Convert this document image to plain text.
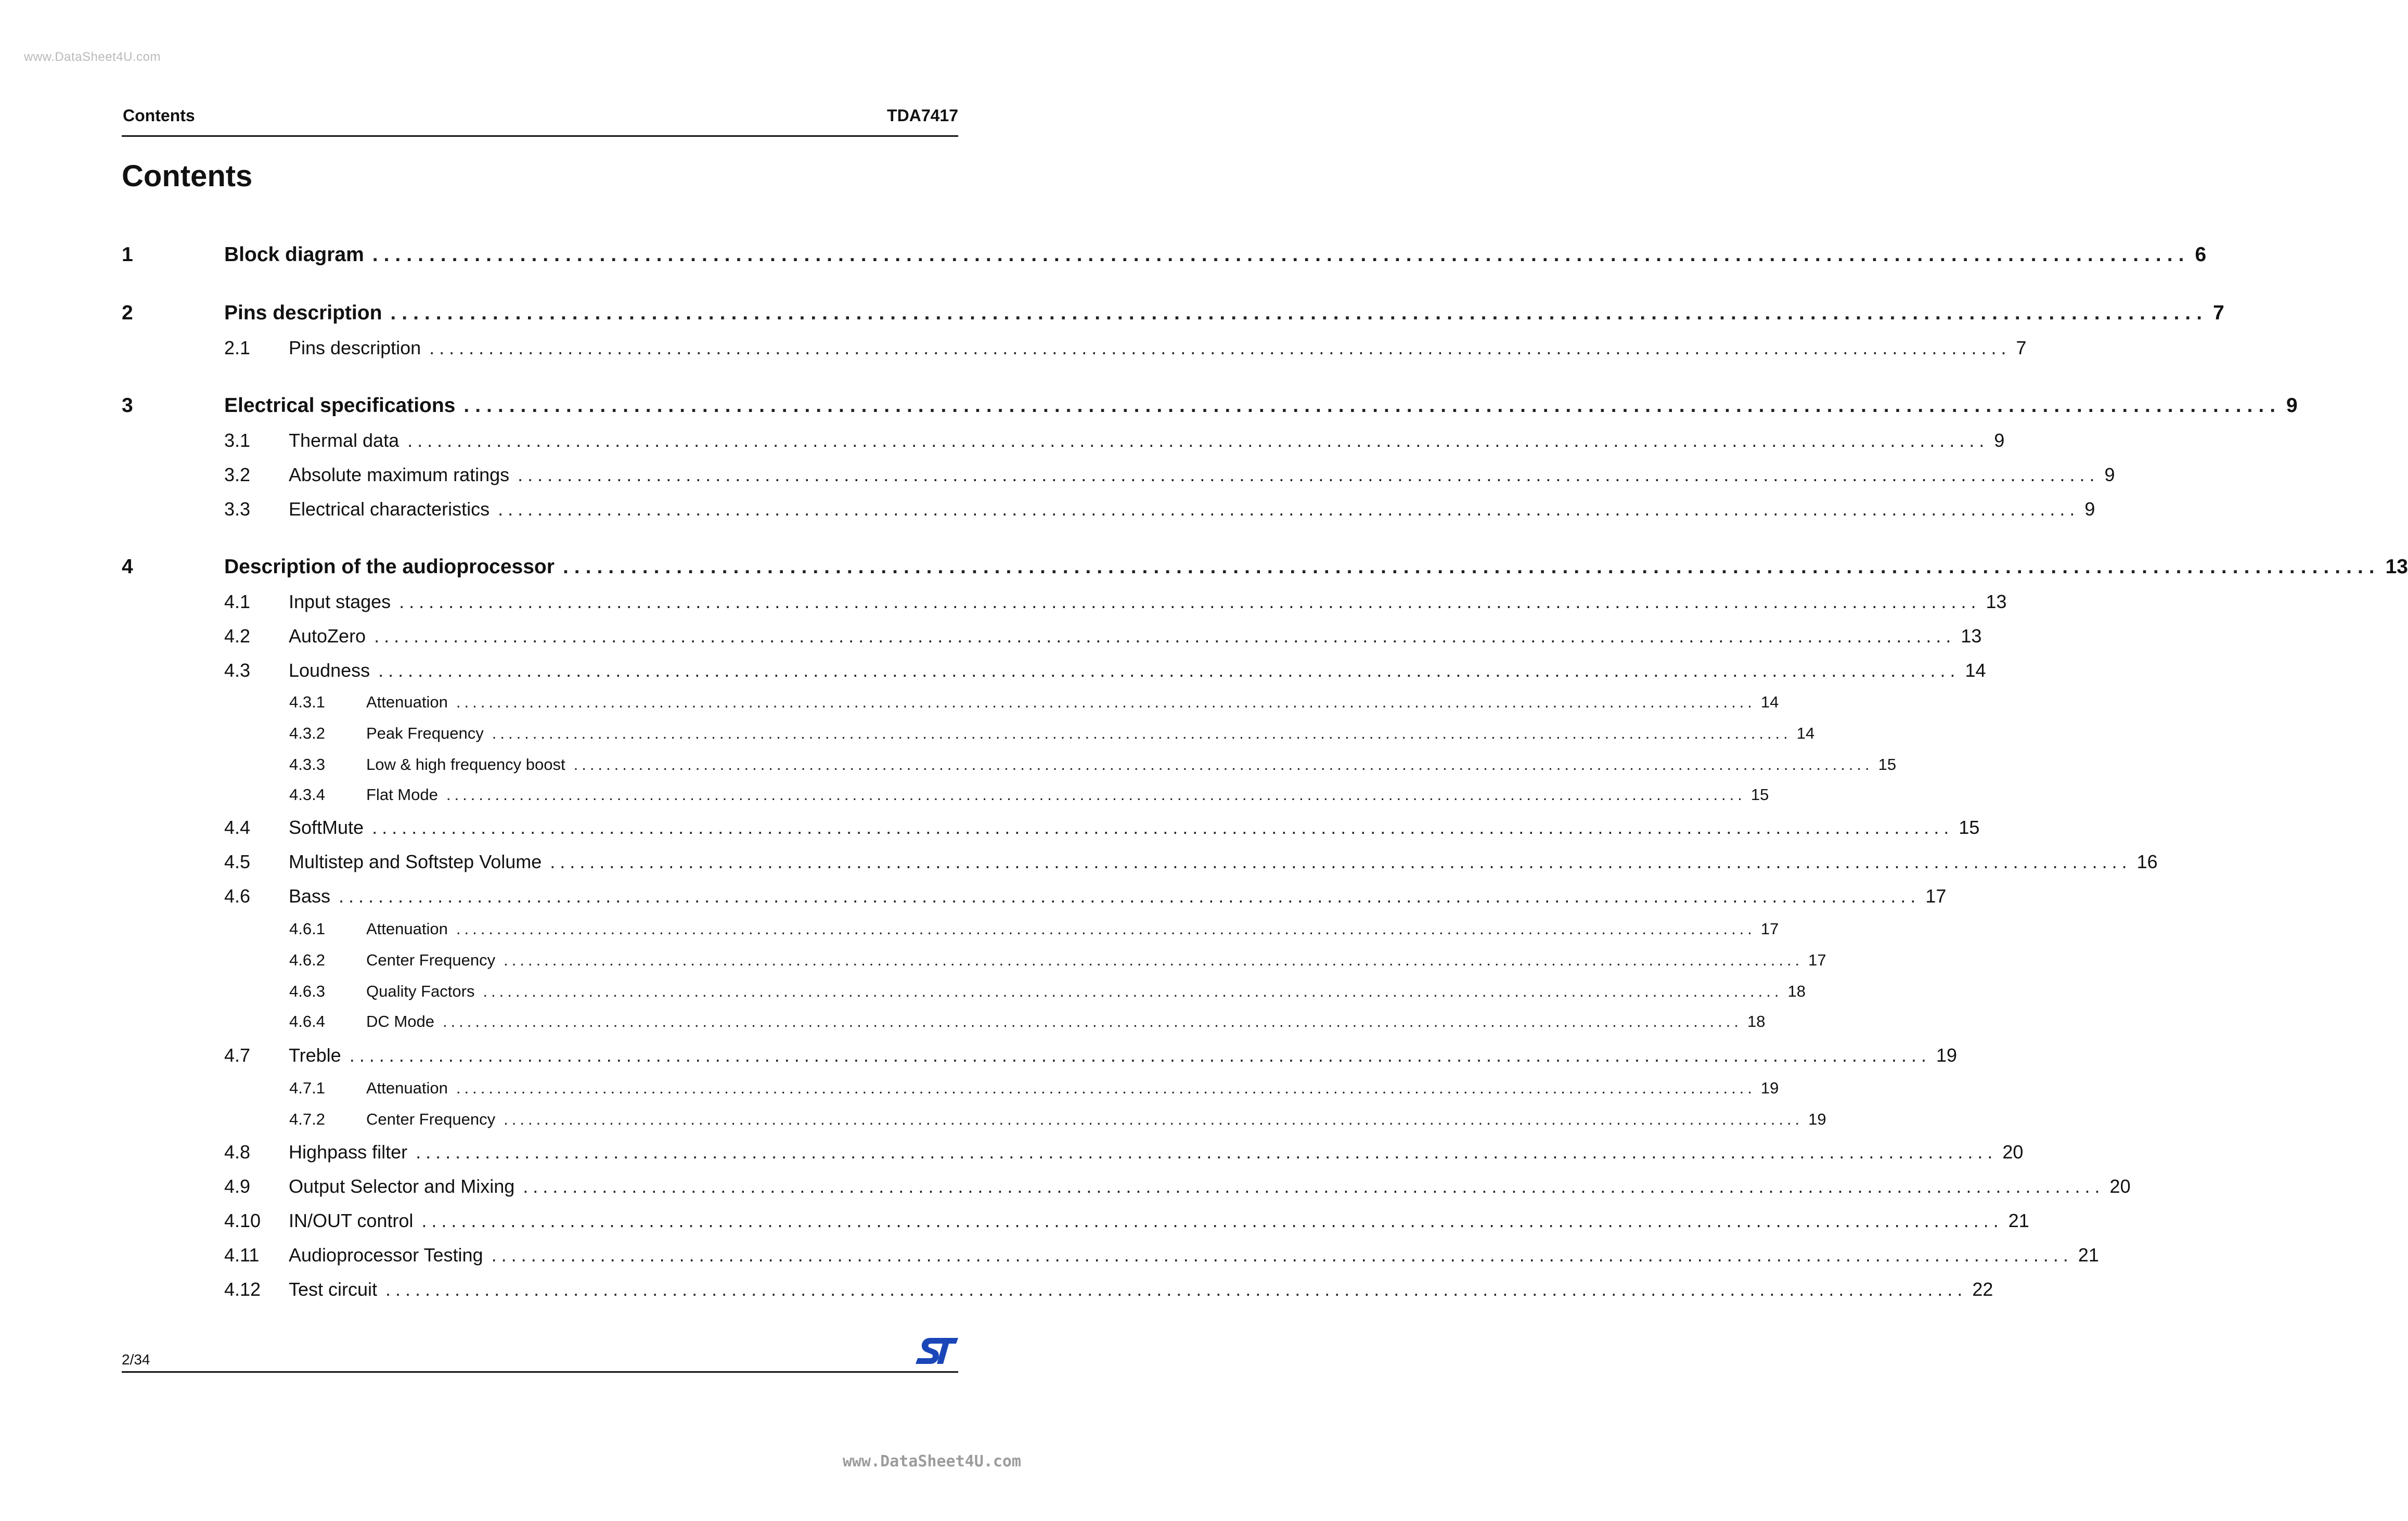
www.DataSheet4U.com
Contents	TDA7417
Contents
1	Block diagram ................................................................................................................................................................ 6
2	Pins description ................................................................................................................................................................ 7
2.1	Pins description ................................................................................................................................................................ 7
3	Electrical specifications ................................................................................................................................................................ 9
3.1	Thermal data ................................................................................................................................................................ 9
3.2	Absolute maximum ratings ................................................................................................................................................................ 9
3.3	Electrical characteristics ................................................................................................................................................................ 9
4	Description of the audioprocessor ................................................................................................................................................................ 13
4.1	Input stages ................................................................................................................................................................ 13
4.2	AutoZero ................................................................................................................................................................ 13
4.3	Loudness ................................................................................................................................................................ 14
4.3.1	Attenuation ................................................................................................................................................................ 14
4.3.2	Peak Frequency ................................................................................................................................................................ 14
4.3.3	Low & high frequency boost ................................................................................................................................................................ 15
4.3.4	Flat Mode ................................................................................................................................................................ 15
4.4	SoftMute ................................................................................................................................................................ 15
4.5	Multistep and Softstep Volume ................................................................................................................................................................ 16
4.6	Bass ................................................................................................................................................................ 17
4.6.1	Attenuation ................................................................................................................................................................ 17
4.6.2	Center Frequency ................................................................................................................................................................ 17
4.6.3	Quality Factors ................................................................................................................................................................ 18
4.6.4	DC Mode ................................................................................................................................................................ 18
4.7	Treble ................................................................................................................................................................ 19
4.7.1	Attenuation ................................................................................................................................................................ 19
4.7.2	Center Frequency ................................................................................................................................................................ 19
4.8	Highpass filter ................................................................................................................................................................ 20
4.9	Output Selector and Mixing ................................................................................................................................................................ 20
4.10	IN/OUT control ................................................................................................................................................................ 21
4.11	Audioprocessor Testing ................................................................................................................................................................ 21
4.12	Test circuit ................................................................................................................................................................ 22
2/34
www.DataSheet4U.com
